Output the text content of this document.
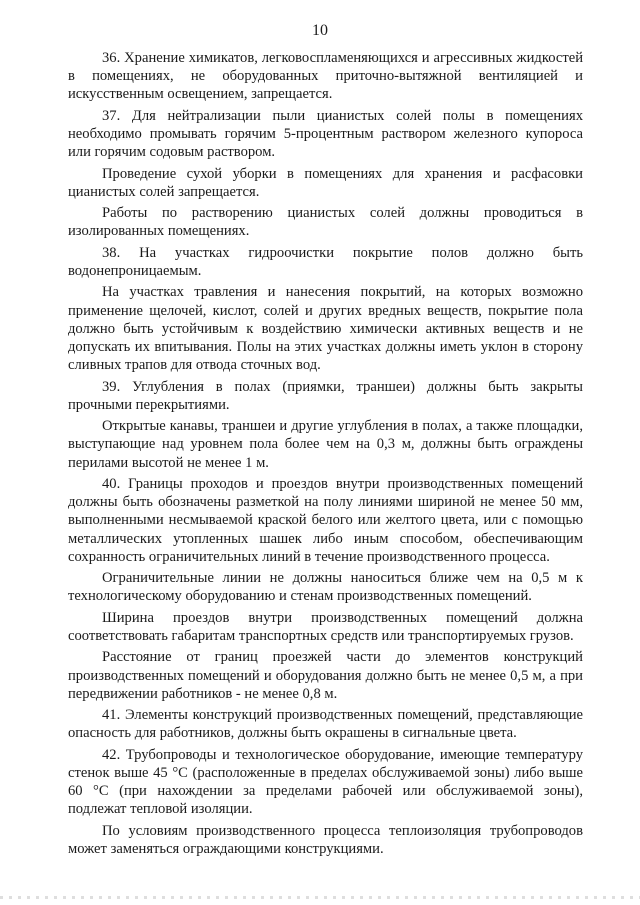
10

36. Хранение химикатов, легковоспламеняющихся и агрессивных жидкостей в помещениях, не оборудованных приточно-вытяжной вентиляцией и искусственным освещением, запрещается.

37. Для нейтрализации пыли цианистых солей полы в помещениях необходимо промывать горячим 5-процентным раствором железного купороса или горячим содовым раствором.

Проведение сухой уборки в помещениях для хранения и расфасовки цианистых солей запрещается.

Работы по растворению цианистых солей должны проводиться в изолированных помещениях.

38. На участках гидроочистки покрытие полов должно быть водонепроницаемым.

На участках травления и нанесения покрытий, на которых возможно применение щелочей, кислот, солей и других вредных веществ, покрытие пола должно быть устойчивым к воздействию химически активных веществ и не допускать их впитывания. Полы на этих участках должны иметь уклон в сторону сливных трапов для отвода сточных вод.

39. Углубления в полах (приямки, траншеи) должны быть закрыты прочными перекрытиями.

Открытые канавы, траншеи и другие углубления в полах, а также площадки, выступающие над уровнем пола более чем на 0,3 м, должны быть ограждены перилами высотой не менее 1 м.

40. Границы проходов и проездов внутри производственных помещений должны быть обозначены разметкой на полу линиями шириной не менее 50 мм, выполненными несмываемой краской белого или желтого цвета, или с помощью металлических утопленных шашек либо иным способом, обеспечивающим сохранность ограничительных линий в течение производственного процесса.

Ограничительные линии не должны наноситься ближе чем на 0,5 м к технологическому оборудованию и стенам производственных помещений.

Ширина проездов внутри производственных помещений должна соответствовать габаритам транспортных средств или транспортируемых грузов.

Расстояние от границ проезжей части до элементов конструкций производственных помещений и оборудования должно быть не менее 0,5 м, а при передвижении работников - не менее 0,8 м.

41. Элементы конструкций производственных помещений, представляющие опасность для работников, должны быть окрашены в сигнальные цвета.

42. Трубопроводы и технологическое оборудование, имеющие температуру стенок выше 45 °С (расположенные в пределах обслуживаемой зоны) либо выше 60 °С (при нахождении за пределами рабочей или обслуживаемой зоны), подлежат тепловой изоляции.

По условиям производственного процесса теплоизоляция трубопроводов может заменяться ограждающими конструкциями.
